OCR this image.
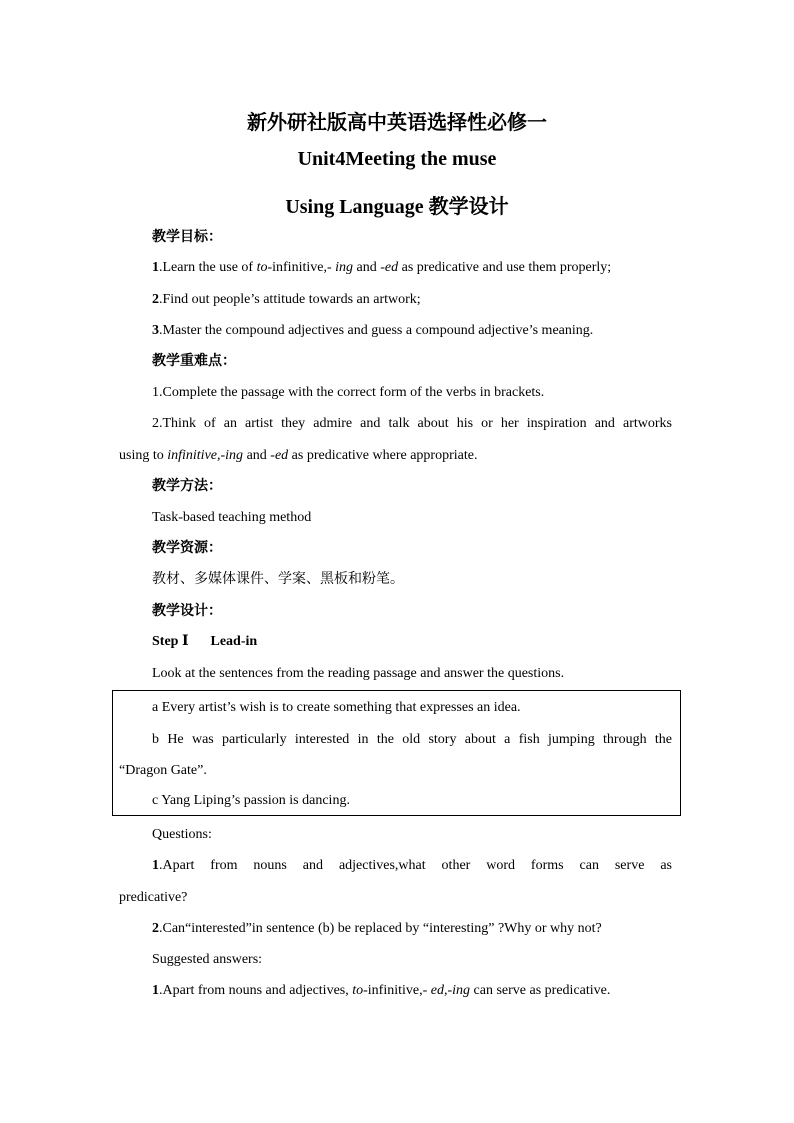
新外研社版高中英语选择性必修一
Unit4Meeting the muse
Using Language 教学设计
教学目标：
1.Learn the use of to-infinitive,- ing and -ed as predicative and use them properly;
2.Find out people’s attitude towards an artwork;
3.Master the compound adjectives and guess a compound adjective’s meaning.
教学重难点：
1.Complete the passage with the correct form of the verbs in brackets.
2.Think of an artist they admire and talk about his or her inspiration and artworks
using to infinitive,-ing and -ed as predicative where appropriate.
教学方法：
Task-based teaching method
教学资源：
教材、多媒体课件、学案、黑板和粉笔。
教学设计：
Step Ⅰ Lead-in
Look at the sentences from the reading passage and answer the questions.
a Every artist’s wish is to create something that expresses an idea.
b He was particularly interested in the old story about a fish jumping through the
“Dragon Gate”.
c Yang Liping’s passion is dancing.
Questions:
1.Apart from nouns and adjectives,what other word forms can serve as
predicative?
2.Can“interested”in sentence (b) be replaced by “interesting” ?Why or why not?
Suggested answers:
1.Apart from nouns and adjectives, to-infinitive,- ed,-ing can serve as predicative.
